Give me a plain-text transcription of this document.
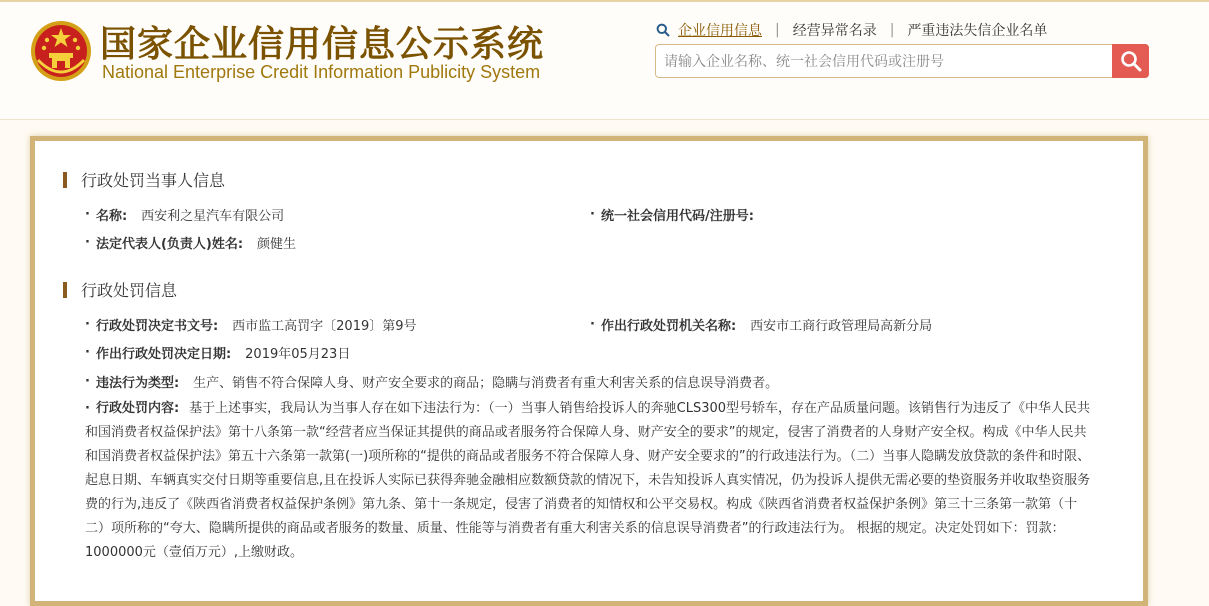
国家企业信用信息公示系统
National Enterprise Credit Information Publicity System
企业信用信息 | 经营异常名录 | 严重违法失信企业名单
请输入企业名称、统一社会信用代码或注册号
行政处罚当事人信息
· 名称: 西安利之星汽车有限公司	· 统一社会信用代码/注册号:
· 法定代表人(负责人)姓名: 颜健生
行政处罚信息
· 行政处罚决定书文号: 西市监工高罚字〔2019〕第9号	· 作出行政处罚机关名称: 西安市工商行政管理局高新分局
· 作出行政处罚决定日期: 2019年05月23日
· 违法行为类型: 生产、销售不符合保障人身、财产安全要求的商品；隐瞒与消费者有重大利害关系的信息误导消费者。
· 行政处罚内容: 基于上述事实，我局认为当事人存在如下违法行为：（一）当事人销售给投诉人的奔驰CLS300型号轿车，存在产品质量问题。该销售行为违反了《中华人民共和国消费者权益保护法》第十八条第一款“经营者应当保证其提供的商品或者服务符合保障人身、财产安全的要求”的规定，侵害了消费者的人身财产安全权。构成《中华人民共和国消费者权益保护法》第五十六条第一款第(一)项所称的“提供的商品或者服务不符合保障人身、财产安全要求的”的行政违法行为。（二）当事人隐瞒发放贷款的条件和时限、起息日期、车辆真实交付日期等重要信息,且在投诉人实际已获得奔驰金融相应数额贷款的情况下，未告知投诉人真实情况，仍为投诉人提供无需必要的垫资服务并收取垫资服务费的行为,违反了《陕西省消费者权益保护条例》第九条、第十一条规定，侵害了消费者的知情权和公平交易权。构成《陕西省消费者权益保护条例》第三十三条第一款第（十二）项所称的“夸大、隐瞒所提供的商品或者服务的数量、质量、性能等与消费者有重大利害关系的信息误导消费者”的行政违法行为。 根据的规定。决定处罚如下：罚款：1000000元（壹佰万元）,上缴财政。
